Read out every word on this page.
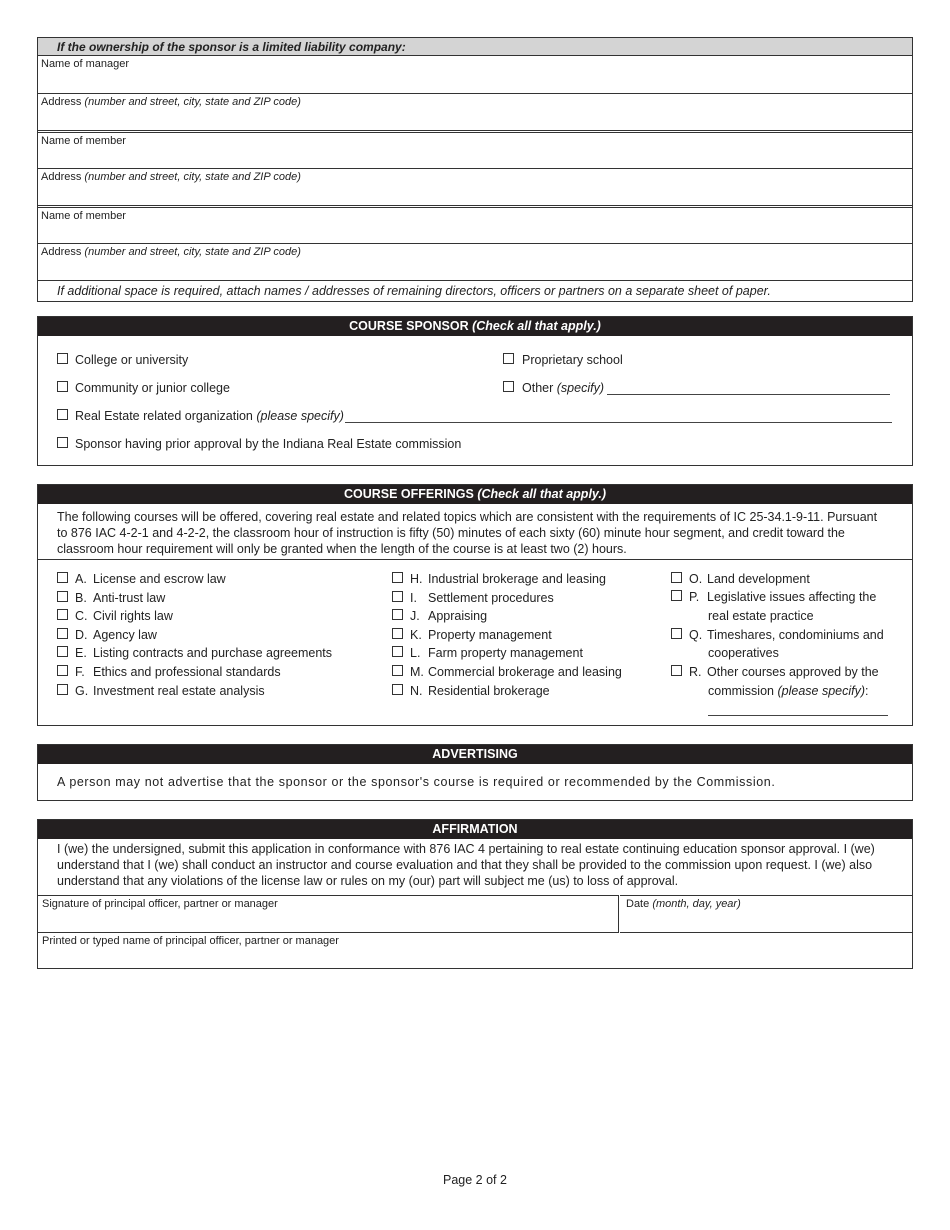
If the ownership of the sponsor is a limited liability company:
Name of manager
Address (number and street, city, state and ZIP code)
Name of member
Address (number and street, city, state and ZIP code)
Name of member
Address (number and street, city, state and ZIP code)
If additional space is required, attach names / addresses of remaining directors, officers or partners on a separate sheet of paper.
COURSE SPONSOR (Check all that apply.)
College or university	Proprietary school
Community or junior college	Other (specify)
Real Estate related organization (please specify)
Sponsor having prior approval by the Indiana Real Estate commission
COURSE OFFERINGS (Check all that apply.)
The following courses will be offered, covering real estate and related topics which are consistent with the requirements of IC 25-34.1-9-11. Pursuant to 876 IAC 4-2-1 and 4-2-2, the classroom hour of instruction is fifty (50) minutes of each sixty (60) minute hour segment, and credit toward the classroom hour requirement will only be granted when the length of the course is at least two (2) hours.
A. License and escrow law
B. Anti-trust law
C. Civil rights law
D. Agency law
E. Listing contracts and purchase agreements
F. Ethics and professional standards
G. Investment real estate analysis
H. Industrial brokerage and leasing
I. Settlement procedures
J. Appraising
K. Property management
L. Farm property management
M. Commercial brokerage and leasing
N. Residential brokerage
O. Land development
P. Legislative issues affecting the
real estate practice
Q. Timeshares, condominiums and
cooperatives
R. Other courses approved by the
commission (please specify):
ADVERTISING
A person may not advertise that the sponsor or the sponsor's course is required or recommended by the Commission.
AFFIRMATION
I (we) the undersigned, submit this application in conformance with 876 IAC 4 pertaining to real estate continuing education sponsor approval. I (we) understand that I (we) shall conduct an instructor and course evaluation and that they shall be provided to the commission upon request. I (we) also understand that any violations of the license law or rules on my (our) part will subject me (us) to loss of approval.
Signature of principal officer, partner or manager	Date (month, day, year)
Printed or typed name of principal officer, partner or manager
Page 2 of 2
